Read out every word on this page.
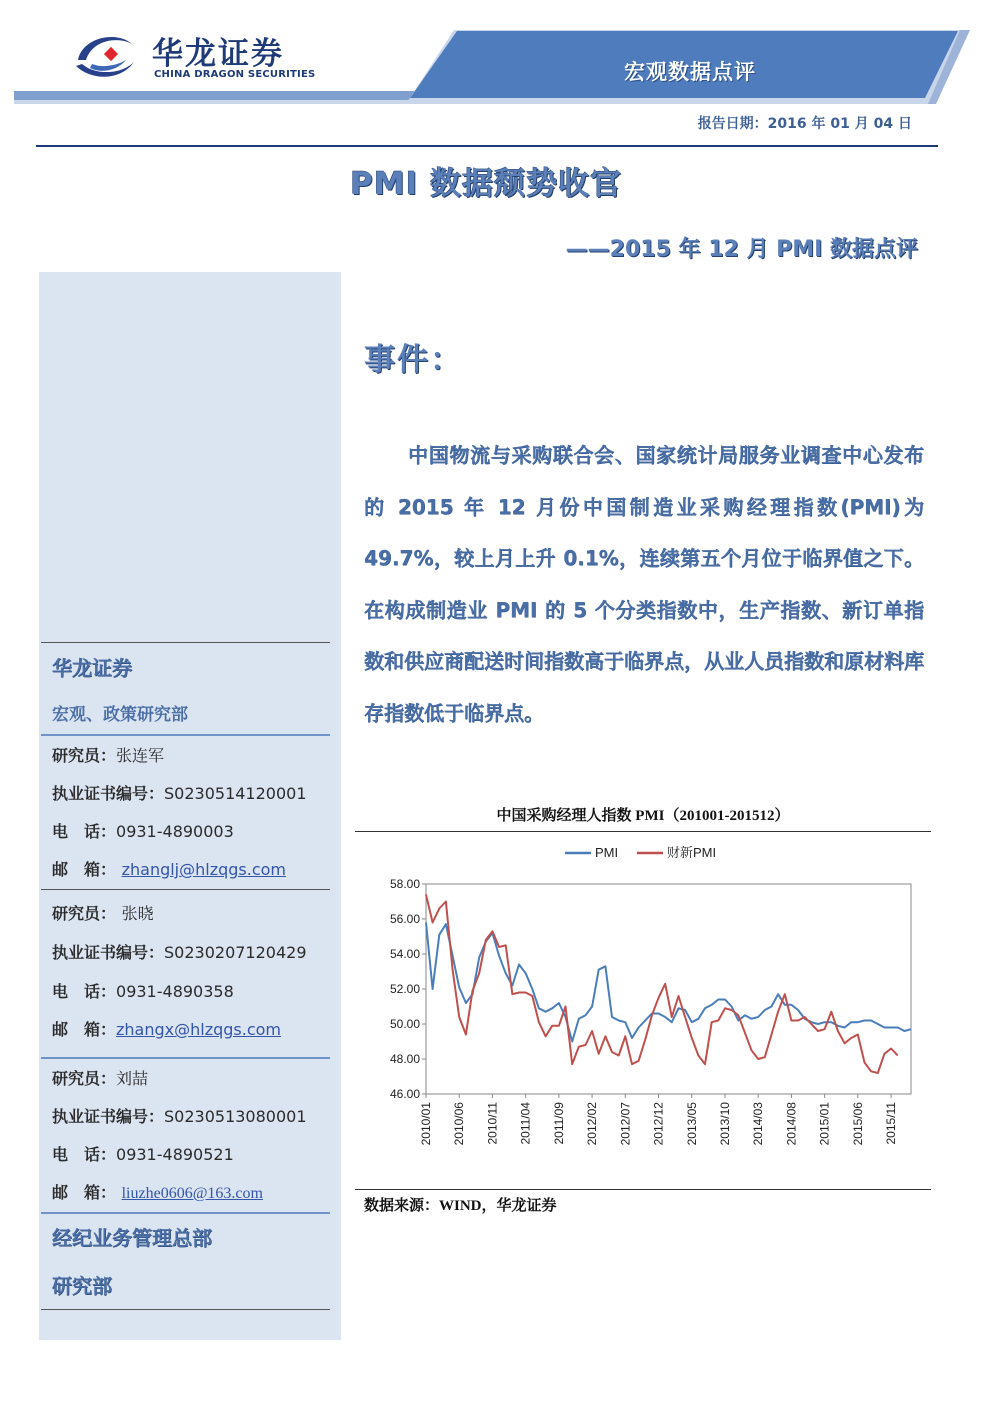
华龙证券
CHINA DRAGON SECURITIES	宏观数据点评
报告日期：2016 年 01 月 04 日
PMI 数据颓势收官
——2015 年 12 月 PMI 数据点评
华龙证券
宏观、政策研究部
研究员：张连军
执业证书编号：S0230514120001
电　话：0931-4890003
邮　箱： zhanglj@hlzqgs.com
研究员： 张晓
执业证书编号：S0230207120429
电　话：0931-4890358
邮　箱：zhangx@hlzqgs.com
研究员：刘喆
执业证书编号：S0230513080001
电　话：0931-4890521
邮　箱： liuzhe0606@163.com
经纪业务管理总部
研究部
事件：
中国物流与采购联合会、国家统计局服务业调查中心发布的 2015 年 12 月份中国制造业采购经理指数(PMI)为 49.7%，较上月上升 0.1%，连续第五个月位于临界值之下。在构成制造业 PMI 的 5 个分类指数中，生产指数、新订单指数和供应商配送时间指数高于临界点，从业人员指数和原材料库存指数低于临界点。
中国采购经理人指数 PMI（201001-201512）
58.00
56.00
54.00
52.00
50.00
48.00
46.00
2010/01 2010/06 2010/11 2011/04 2011/09 2012/02 2012/07 2012/12 2013/05 2013/10 2014/03 2014/08 2015/01 2015/06 2015/11
PMI	财新PMI
数据来源：WIND，华龙证券
